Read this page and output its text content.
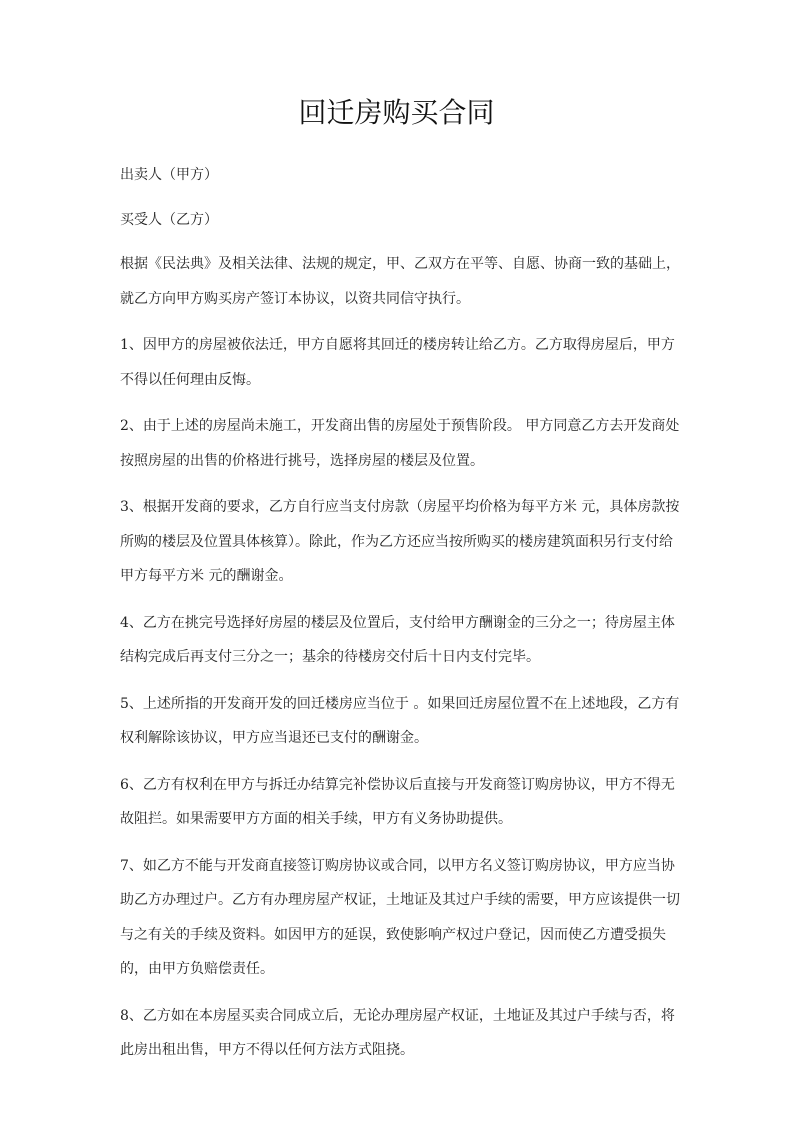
回迁房购买合同

出卖人（甲方）

买受人（乙方）

根据《民法典》及相关法律、法规的规定，甲、乙双方在平等、自愿、协商一致的基础上，就乙方向甲方购买房产签订本协议，以资共同信守执行。

1、因甲方的房屋被依法迁，甲方自愿将其回迁的楼房转让给乙方。乙方取得房屋后，甲方不得以任何理由反悔。

2、由于上述的房屋尚未施工，开发商出售的房屋处于预售阶段。 甲方同意乙方去开发商处按照房屋的出售的价格进行挑号，选择房屋的楼层及位置。

3、根据开发商的要求，乙方自行应当支付房款（房屋平均价格为每平方米 元，具体房款按所购的楼层及位置具体核算）。除此，作为乙方还应当按所购买的楼房建筑面积另行支付给甲方每平方米 元的酬谢金。

4、乙方在挑完号选择好房屋的楼层及位置后，支付给甲方酬谢金的三分之一；待房屋主体结构完成后再支付三分之一；基余的待楼房交付后十日内支付完毕。

5、上述所指的开发商开发的回迁楼房应当位于 。如果回迁房屋位置不在上述地段，乙方有权利解除该协议，甲方应当退还已支付的酬谢金。

6、乙方有权利在甲方与拆迁办结算完补偿协议后直接与开发商签订购房协议，甲方不得无故阻拦。如果需要甲方方面的相关手续，甲方有义务协助提供。

7、如乙方不能与开发商直接签订购房协议或合同，以甲方名义签订购房协议，甲方应当协助乙方办理过户。乙方有办理房屋产权证，土地证及其过户手续的需要，甲方应该提供一切与之有关的手续及资料。如因甲方的延误，致使影响产权过户登记，因而使乙方遭受损失的，由甲方负赔偿责任。

8、乙方如在本房屋买卖合同成立后，无论办理房屋产权证，土地证及其过户手续与否，将此房出租出售，甲方不得以任何方法方式阻挠。
